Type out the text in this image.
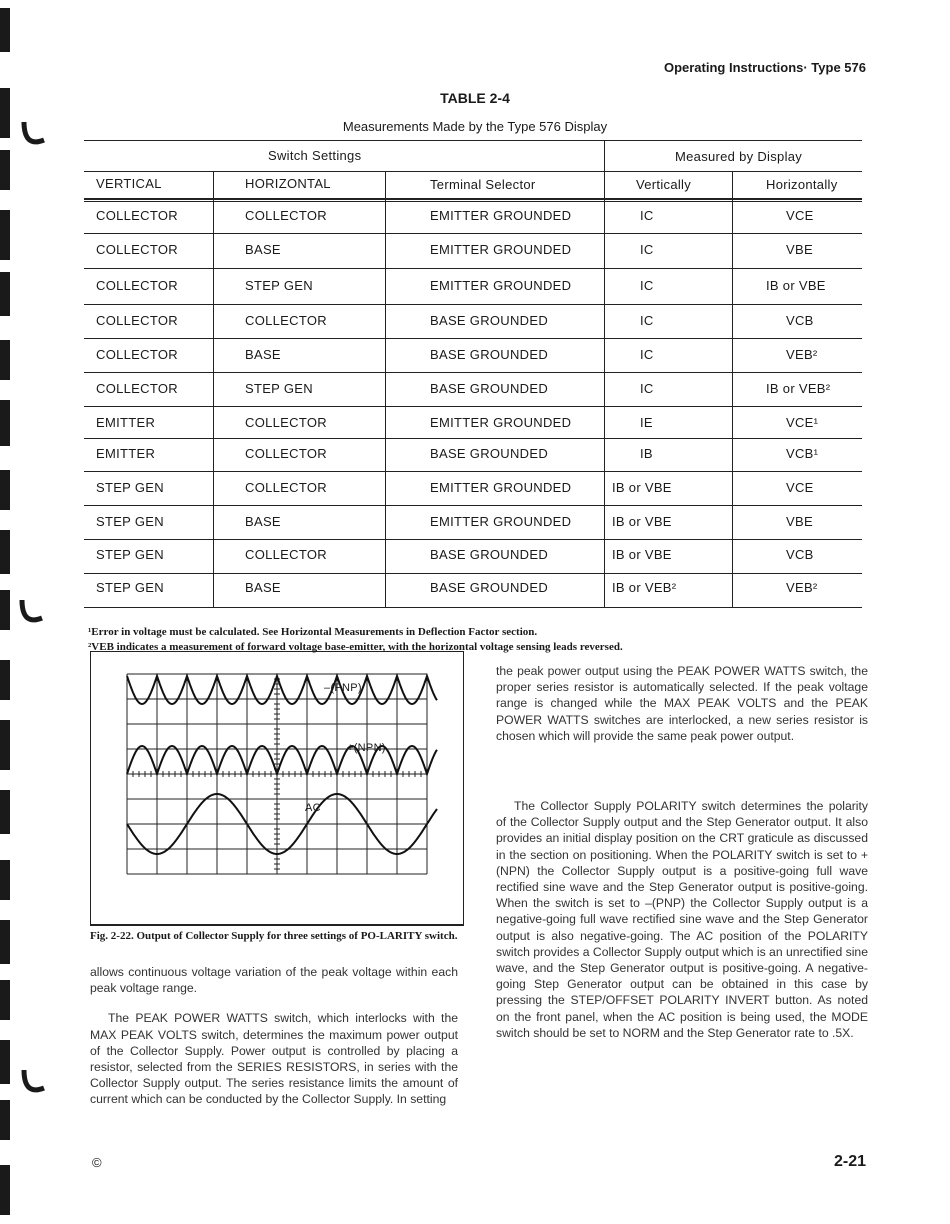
Operating Instructions· Type 576
TABLE 2-4
Measurements Made by the Type 576 Display
Switch Settings	Measured by Display
VERTICAL	HORIZONTAL	Terminal Selector	Vertically	Horizontally
COLLECTOR	COLLECTOR	EMITTER GROUNDED	IC	VCE
COLLECTOR	BASE	EMITTER GROUNDED	IC	VBE
COLLECTOR	STEP GEN	EMITTER GROUNDED	IC	IB or VBE
COLLECTOR	COLLECTOR	BASE GROUNDED	IC	VCB
COLLECTOR	BASE	BASE GROUNDED	IC	VEB²
COLLECTOR	STEP GEN	BASE GROUNDED	IC	IB or VEB²
EMITTER	COLLECTOR	EMITTER GROUNDED	IE	VCE¹
EMITTER	COLLECTOR	BASE GROUNDED	IB	VCB¹
STEP GEN	COLLECTOR	EMITTER GROUNDED	IB or VBE	VCE
STEP GEN	BASE	EMITTER GROUNDED	IB or VBE	VBE
STEP GEN	COLLECTOR	BASE GROUNDED	IB or VBE	VCB
STEP GEN	BASE	BASE GROUNDED	IB or VEB²	VEB²
¹Error in voltage must be calculated. See Horizontal Measurements in Deflection Factor section.
²VEB indicates a measurement of forward voltage base-emitter, with the horizontal voltage sensing leads reversed.
–(PNP)
+(NPN)
AC
Fig. 2-22. Output of Collector Supply for three settings of PO-LARITY switch.

allows continuous voltage variation of the peak voltage within each peak voltage range.

The PEAK POWER WATTS switch, which interlocks with the MAX PEAK VOLTS switch, determines the maximum power output of the Collector Supply. Power output is controlled by placing a resistor, selected from the SERIES RESISTORS, in series with the Collector Supply output. The series resistance limits the amount of current which can be conducted by the Collector Supply. In setting

the peak power output using the PEAK POWER WATTS switch, the proper series resistor is automatically selected. If the peak voltage range is changed while the MAX PEAK VOLTS and the PEAK POWER WATTS switches are interlocked, a new series resistor is chosen which will provide the same peak power output.

The Collector Supply POLARITY switch determines the polarity of the Collector Supply output and the Step Generator output. It also provides an initial display position on the CRT graticule as discussed in the section on positioning. When the POLARITY switch is set to +(NPN) the Collector Supply output is a positive-going full wave rectified sine wave and the Step Generator output is positive-going. When the switch is set to –(PNP) the Collector Supply output is a negative-going full wave rectified sine wave and the Step Generator output is also negative-going. The AC position of the POLARITY switch provides a Collector Supply output which is an unrectified sine wave, and the Step Generator output is positive-going. A negative-going Step Generator output can be obtained in this case by pressing the STEP/OFFSET POLARITY INVERT button. As noted on the front panel, when the AC position is being used, the MODE switch should be set to NORM and the Step Generator rate to .5X.

©	2-21
